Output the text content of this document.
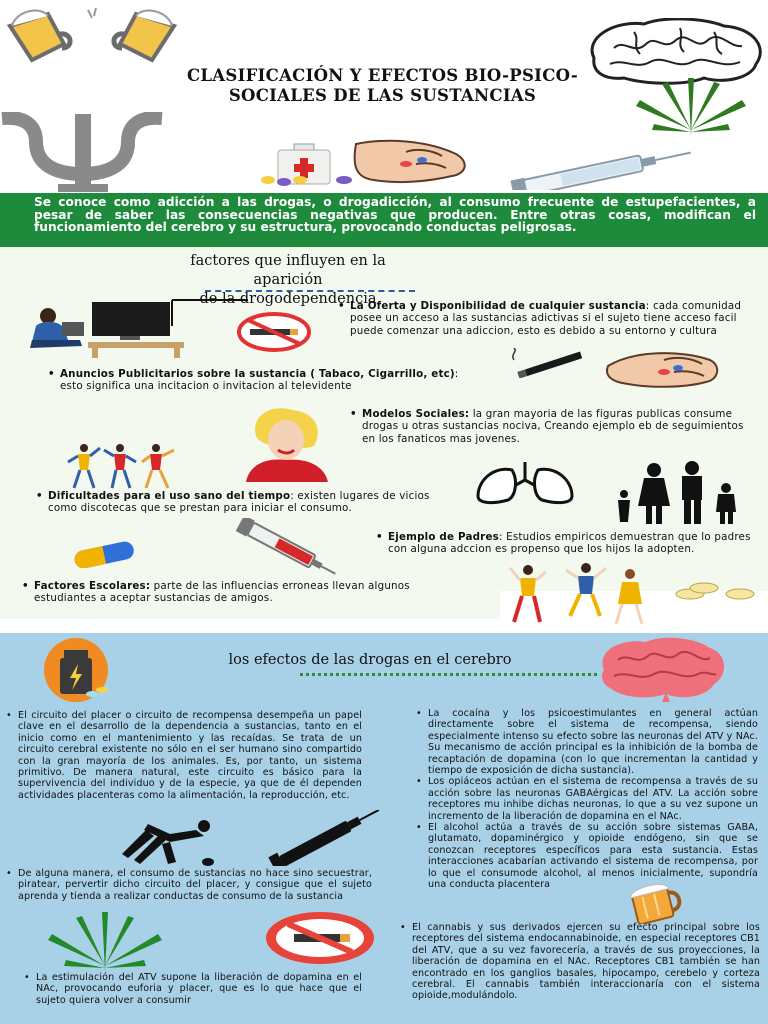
CLASIFICACIÓN Y EFECTOS BIO-PSICO-SOCIALES DE LAS SUSTANCIAS

Se conoce como adicción a las drogas, o drogadicción, al consumo frecuente de estupefacientes, a pesar de saber las consecuencias negativas que producen. Entre otras cosas, modifican el funcionamiento del cerebro y su estructura, provocando conductas peligrosas.

factores que influyen en la aparición
de la drogodependencia
• La Oferta y Disponibilidad de cualquier sustancia: cada comunidad posee un acceso a las sustancias adictivas si el sujeto tiene acceso facil puede comenzar una adiccion, esto es debido a su entorno y cultura
• Anuncios Publicitarios sobre la sustancia ( Tabaco, Cigarrillo, etc): esto significa una incitacion o invitacion al televidente
• Modelos Sociales: la gran mayoria de las figuras publicas consume drogas u otras sustancias nociva, Creando ejemplo eb de seguimientos en los fanaticos mas jovenes.
• Dificultades para el uso sano del tiempo: existen lugares de vicios como discotecas que se prestan para iniciar el consumo.
• Ejemplo de Padres: Estudios empiricos demuestran que lo padres con alguna adccion es propenso que los hijos la adopten.
• Factores Escolares: parte de las influencias erroneas llevan algunos estudiantes a aceptar sustancias de amigos.
los efectos de las drogas en el cerebro

• El circuito del placer o circuito de recompensa desempeña un papel clave en el desarrollo de la dependencia a sustancias, tanto en el inicio como en el mantenimiento y las recaídas. Se trata de un circuito cerebral existente no sólo en el ser humano sino compartido con la gran mayoría de los animales. Es, por tanto, un sistema primitivo. De manera natural, este circuito es básico para la supervivencia del individuo y de la especie, ya que de él dependen actividades placenteras como la alimentación, la reproducción, etc.

• La cocaína y los psicoestimulantes en general actúan directamente sobre el sistema de recompensa, siendo especialmente intenso su efecto sobre las neuronas del ATV y NAc. Su mecanismo de acción principal es la inhibición de la bomba de recaptación de dopamina (con lo que incrementan la cantidad y tiempo de exposición de dicha sustancia).

• Los opiáceos actúan en el sistema de recompensa a través de su acción sobre las neuronas GABAérgicas del ATV. La acción sobre receptores mu inhibe dichas neuronas, lo que a su vez supone un incremento de la liberación de dopamina en el NAc.

• El alcohol actúa a través de su acción sobre sistemas GABA, glutamato, dopaminérgico y opioide endógeno, sin que se conozcan receptores específicos para esta sustancia. Estas interacciones acabarían activando el sistema de recompensa, por lo que el consumode alcohol, al menos inicialmente, supondría una conducta placentera

• De alguna manera, el consumo de sustancias no hace sino secuestrar, piratear, pervertir dicho circuito del placer, y consigue que el sujeto aprenda y tienda a realizar conductas de consumo de la sustancia

• El cannabis y sus derivados ejercen su efecto principal sobre los receptores del sistema endocannabinoide, en especial receptores CB1 del ATV, que a su vez favorecería, a través de sus proyecciones, la liberación de dopamina en el NAc. Receptores CB1 también se han encontrado en los ganglios basales, hipocampo, cerebelo y corteza cerebral. El cannabis también interaccionaría con el sistema opioide,modulándolo.

• La estimulación del ATV supone la liberación de dopamina en el NAc, provocando euforia y placer, que es lo que hace que el sujeto quiera volver a consumir
